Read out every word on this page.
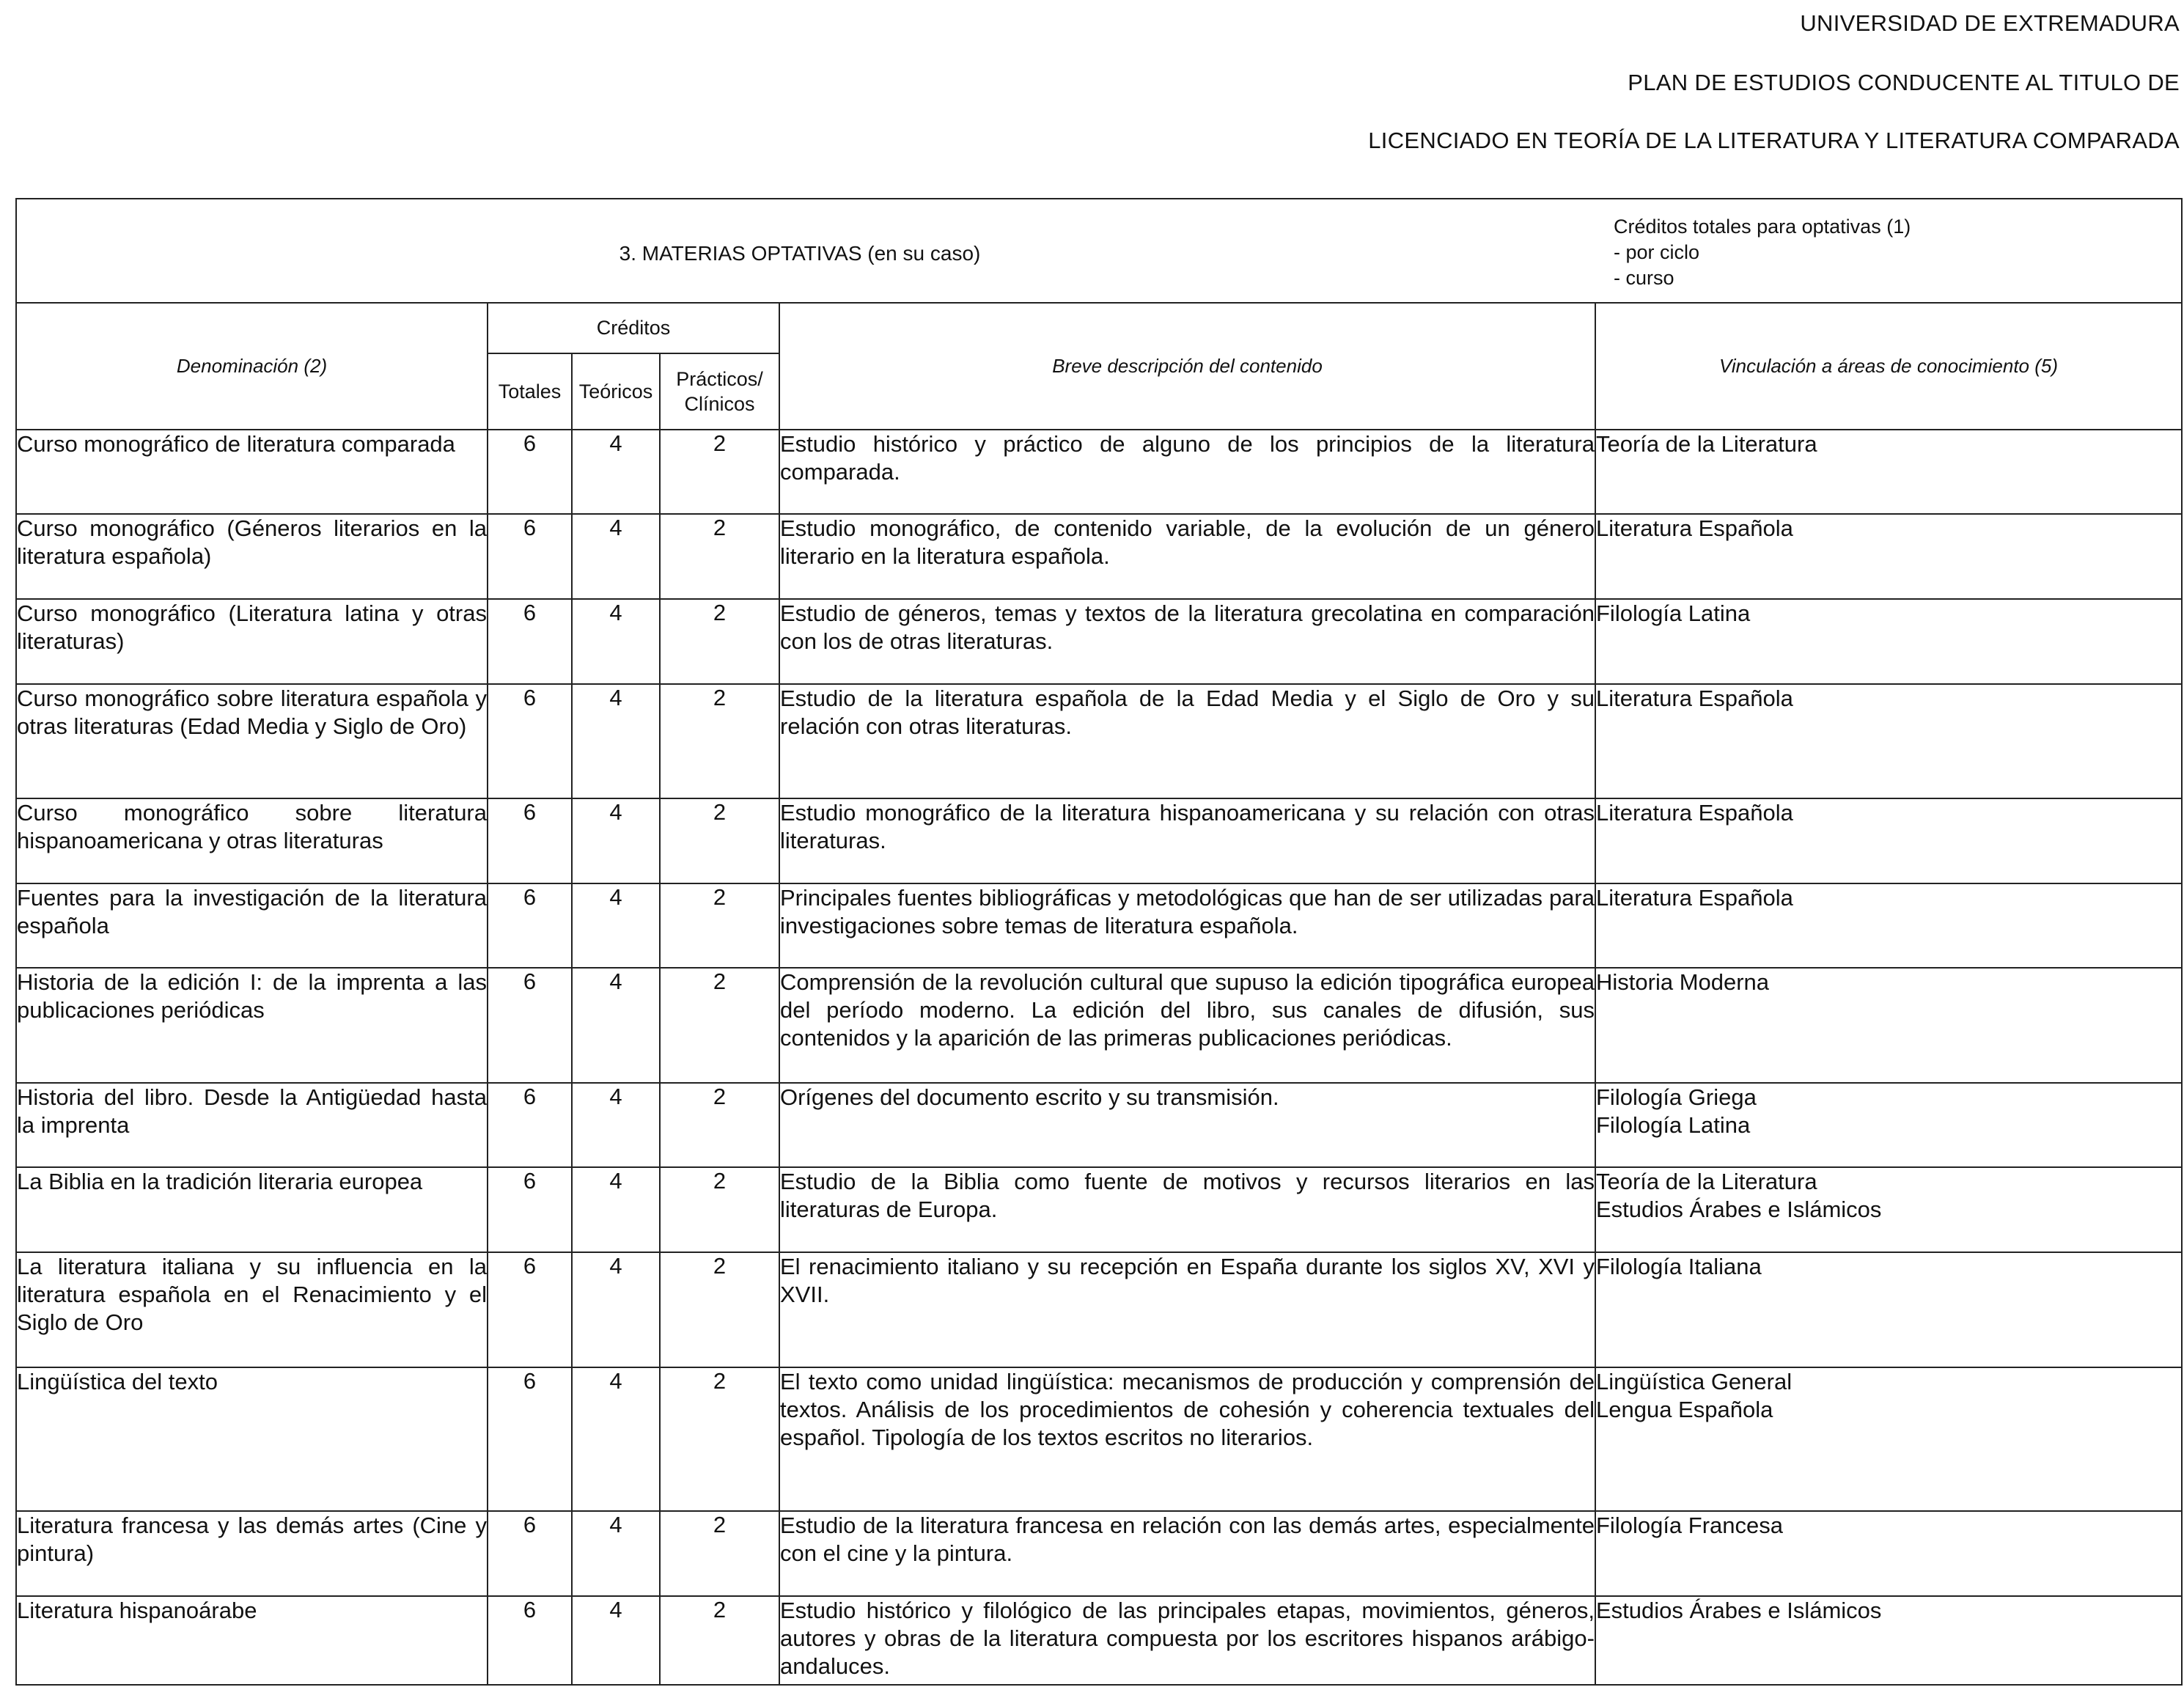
UNIVERSIDAD DE EXTREMADURA
PLAN DE ESTUDIOS CONDUCENTE AL TITULO DE
LICENCIADO EN TEORÍA DE LA LITERATURA Y LITERATURA COMPARADA
3. MATERIAS OPTATIVAS (en su caso)
Créditos totales para optativas (1)
- por ciclo
- curso					

Denominación (2)	Créditos			Breve descripción del contenido	Vinculación a áreas de conocimiento (5)
	Totales	Teóricos	Prácticos/
Clínicos		

Curso monográfico de literatura comparada	6	4	2	Estudio histórico y práctico de alguno de los principios de la literatura comparada.	Teoría de la Literatura

Curso monográfico (Géneros literarios en la literatura española)	6	4	2	Estudio monográfico, de contenido variable, de la evolución de un género literario en la literatura española.	Literatura Española

Curso monográfico (Literatura latina y otras literaturas)	6	4	2	Estudio de géneros, temas y textos de la literatura grecolatina en comparación con los de otras literaturas.	Filología Latina

Curso monográfico sobre literatura española y otras literaturas (Edad Media y Siglo de Oro)	6	4	2	Estudio de la literatura española de la Edad Media y el Siglo de Oro y su relación con otras literaturas.	Literatura Española

Curso monográfico sobre literatura hispanoamericana y otras literaturas	6	4	2	Estudio monográfico de la literatura hispanoamericana y su relación con otras literaturas.	Literatura Española

Fuentes para la investigación de la literatura española	6	4	2	Principales fuentes bibliográficas y metodológicas que han de ser utilizadas para investigaciones sobre temas de literatura española.	Literatura Española

Historia de la edición I: de la imprenta a las publicaciones periódicas	6	4	2	Comprensión de la revolución cultural que supuso la edición tipográfica europea del período moderno. La edición del libro, sus canales de difusión, sus contenidos y la aparición de las primeras publicaciones periódicas.	Historia Moderna

Historia del libro. Desde la Antigüedad hasta la imprenta	6	4	2	Orígenes del documento escrito y su transmisión.	Filología Griega
Filología Latina

La Biblia en la tradición literaria europea	6	4	2	Estudio de la Biblia como fuente de motivos y recursos literarios en las literaturas de Europa.	Teoría de la Literatura
Estudios Árabes e Islámicos

La literatura italiana y su influencia en la literatura española en el Renacimiento y el Siglo de Oro	6	4	2	El renacimiento italiano y su recepción en España durante los siglos XV, XVI y XVII.	Filología Italiana

Lingüística del texto	6	4	2	El texto como unidad lingüística: mecanismos de producción y comprensión de textos. Análisis de los procedimientos de cohesión y coherencia textuales del español. Tipología de los textos escritos no literarios.	Lingüística General
Lengua Española

Literatura francesa y las demás artes (Cine y pintura)	6	4	2	Estudio de la literatura francesa en relación con las demás artes, especialmente con el cine y la pintura.	Filología Francesa

Literatura hispanoárabe	6	4	2	Estudio histórico y filológico de las principales etapas, movimientos, géneros, autores y obras de la literatura compuesta por los escritores hispanos arábigo-andaluces.	Estudios Árabes e Islámicos
